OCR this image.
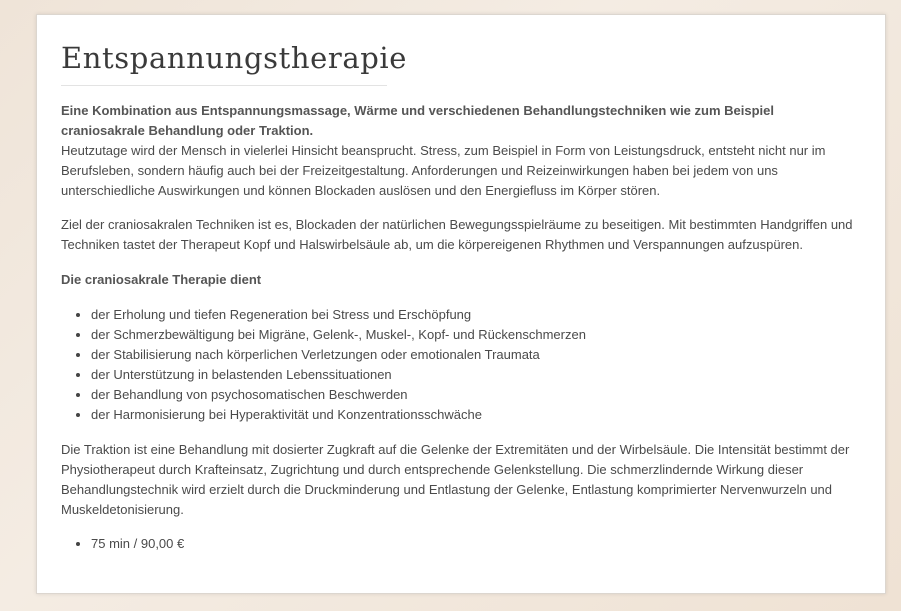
Entspannungstherapie

Eine Kombination aus Entspannungsmassage, Wärme und verschiedenen Behandlungstechniken wie zum Beispiel craniosakrale Behandlung oder Traktion.

Heutzutage wird der Mensch in vielerlei Hinsicht beansprucht. Stress, zum Beispiel in Form von Leistungsdruck, entsteht nicht nur im Berufsleben, sondern häufig auch bei der Freizeitgestaltung. Anforderungen und Reizeinwirkungen haben bei jedem von uns unterschiedliche Auswirkungen und können Blockaden auslösen und den Energiefluss im Körper stören.

Ziel der craniosakralen Techniken ist es, Blockaden der natürlichen Bewegungsspielräume zu beseitigen. Mit bestimmten Handgriffen und Techniken tastet der Therapeut Kopf und Halswirbelsäule ab, um die körpereigenen Rhythmen und Verspannungen aufzuspüren.

Die craniosakrale Therapie dient

• der Erholung und tiefen Regeneration bei Stress und Erschöpfung
• der Schmerzbewältigung bei Migräne, Gelenk-, Muskel-, Kopf- und Rückenschmerzen
• der Stabilisierung nach körperlichen Verletzungen oder emotionalen Traumata
• der Unterstützung in belastenden Lebenssituationen
• der Behandlung von psychosomatischen Beschwerden
• der Harmonisierung bei Hyperaktivität und Konzentrationsschwäche

Die Traktion ist eine Behandlung mit dosierter Zugkraft auf die Gelenke der Extremitäten und der Wirbelsäule. Die Intensität bestimmt der Physiotherapeut durch Krafteinsatz, Zugrichtung und durch entsprechende Gelenkstellung. Die schmerzlindernde Wirkung dieser Behandlungstechnik wird erzielt durch die Druckminderung und Entlastung der Gelenke, Entlastung komprimierter Nervenwurzeln und Muskeldetonisierung.

• 75 min / 90,00 €
